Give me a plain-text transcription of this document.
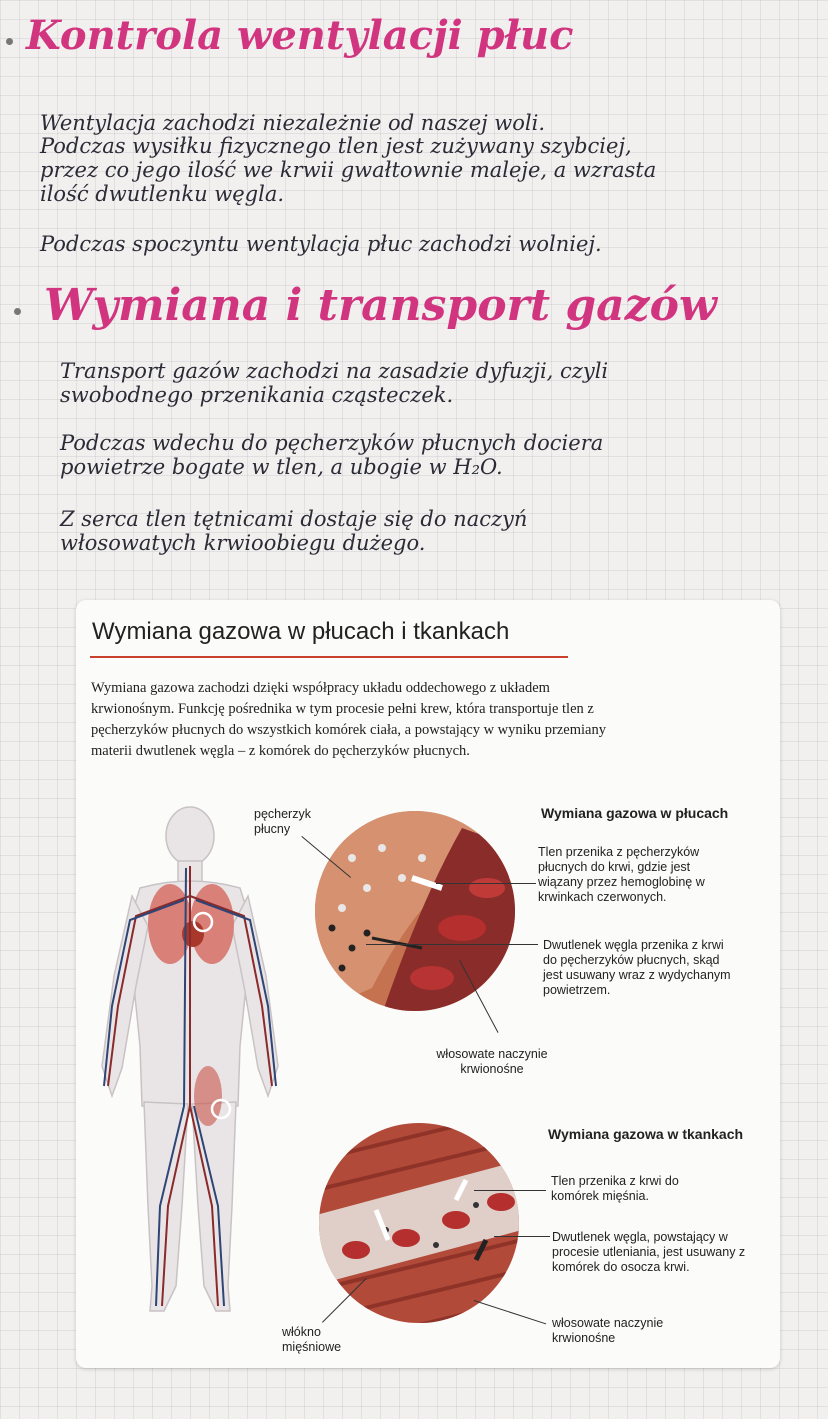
Kontrola wentylacji płuc
Wentylacja zachodzi niezależnie od naszej woli.
Podczas wysiłku fizycznego tlen jest zużywany szybciej,
przez co jego ilość we krwii gwałtownie maleje, a wzrasta
ilość dwutlenku węgla.
Podczas spoczyntu wentylacja płuc zachodzi wolniej.
Wymiana i transport gazów
Transport gazów zachodzi na zasadzie dyfuzji, czyli
swobodnego przenikania cząsteczek.
Podczas wdechu do pęcherzyków płucnych dociera
powietrze bogate w tlen, a ubogie w H₂O.
Z serca tlen tętnicami dostaje się do naczyń
włosowatych krwioobiegu dużego.
Wymiana gazowa w płucach i tkankach
Wymiana gazowa zachodzi dzięki współpracy układu oddechowego z układem krwionośnym. Funkcję pośrednika w tym procesie pełni krew, która transportuje tlen z pęcherzyków płucnych do wszystkich komórek ciała, a powstający w wyniku przemiany materii dwutlenek węgla – z komórek do pęcherzyków płucnych.
pęcherzyk płucny
Wymiana gazowa w płucach
Tlen przenika z pęcherzyków płucnych do krwi, gdzie jest wiązany przez hemoglobinę w krwinkach czerwonych.
Dwutlenek węgla przenika z krwi do pęcherzyków płucnych, skąd jest usuwany wraz z wydychanym powietrzem.
włosowate naczynie krwionośne
Wymiana gazowa w tkankach
Tlen przenika z krwi do komórek mięśnia.
Dwutlenek węgla, powstający w procesie utleniania, jest usuwany z komórek do osocza krwi.
włosowate naczynie krwionośne
włókno mięśniowe
